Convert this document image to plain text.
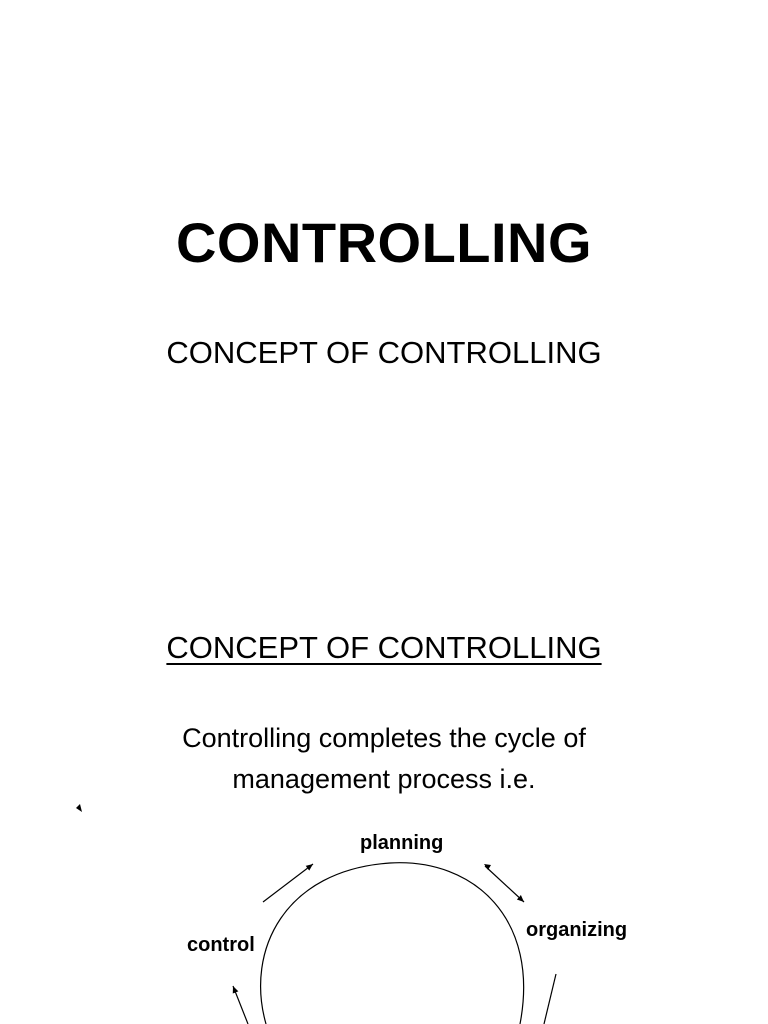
CONTROLLING
CONCEPT OF CONTROLLING
CONCEPT OF CONTROLLING
Controlling completes the cycle of
management process i.e.
planning
organizing
control
